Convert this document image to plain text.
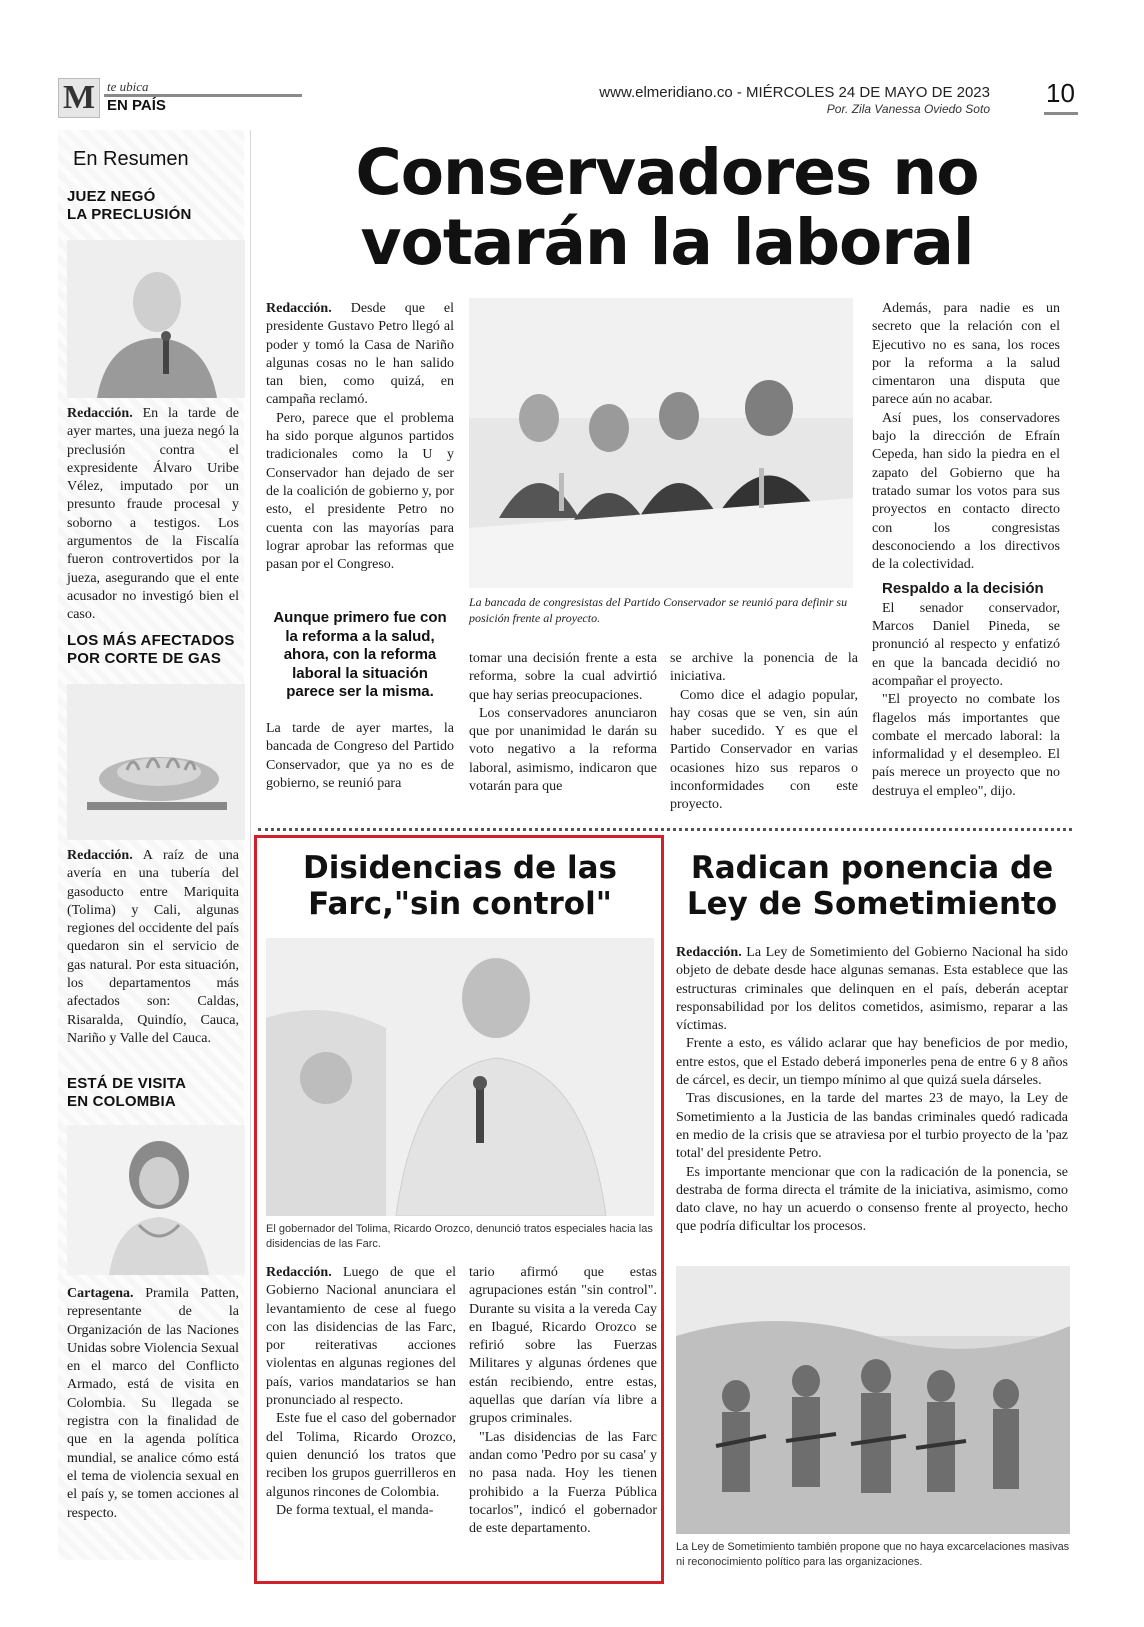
M te ubica
EN PAÍS
www.elmeridiano.co - MIÉRCOLES 24 DE MAYO DE 2023
Por. Zila Vanessa Oviedo Soto
10
En Resumen
JUEZ NEGÓ
LA PRECLUSIÓN

Redacción. En la tarde de ayer martes, una jueza negó la preclusión contra el expresidente Álvaro Uribe Vélez, imputado por un presunto fraude procesal y soborno a testigos. Los argumentos de la Fiscalía fueron controvertidos por la jueza, asegurando que el ente acusador no investigó bien el caso.

LOS MÁS AFECTADOS
POR CORTE DE GAS

Redacción. A raíz de una avería en una tubería del gasoducto entre Mariquita (Tolima) y Cali, algunas regiones del occidente del país quedaron sin el servicio de gas natural. Por esta situación, los departamentos más afectados son: Caldas, Risaralda, Quindío, Cauca, Nariño y Valle del Cauca.

ESTÁ DE VISITA
EN COLOMBIA

Cartagena. Pramila Patten, representante de la Organización de las Naciones Unidas sobre Violencia Sexual en el marco del Conflicto Armado, está de visita en Colombia. Su llegada se registra con la finalidad de que en la agenda política mundial, se analice cómo está el tema de violencia sexual en el país y, se tomen acciones al respecto.

Conservadores no
votarán la laboral

Redacción. Desde que el presidente Gustavo Petro llegó al poder y tomó la Casa de Nariño algunas cosas no le han salido tan bien, como quizá, en campaña reclamó.

Pero, parece que el problema ha sido porque algunos partidos tradicionales como la U y Conservador han dejado de ser de la coalición de gobierno y, por esto, el presidente Petro no cuenta con las mayorías para lograr aprobar las reformas que pasan por el Congreso.

Aunque primero fue con la reforma a la salud, ahora, con la reforma laboral la situación parece ser la misma.

La tarde de ayer martes, la bancada de Congreso del Partido Conservador, que ya no es de gobierno, se reunió para

La bancada de congresistas del Partido Conservador se reunió para definir su posición frente al proyecto.

tomar una decisión frente a esta reforma, sobre la cual advirtió que hay serias preocupaciones.

Los conservadores anunciaron que por unanimidad le darán su voto negativo a la reforma laboral, asimismo, indicaron que votarán para que

se archive la ponencia de la iniciativa.

Como dice el adagio popular, hay cosas que se ven, sin aún haber sucedido. Y es que el Partido Conservador en varias ocasiones hizo sus reparos o inconformidades con este proyecto.

Además, para nadie es un secreto que la relación con el Ejecutivo no es sana, los roces por la reforma a la salud cimentaron una disputa que parece aún no acabar.

Así pues, los conservadores bajo la dirección de Efraín Cepeda, han sido la piedra en el zapato del Gobierno que ha tratado sumar los votos para sus proyectos en contacto directo con los congresistas desconociendo a los directivos de la colectividad.

Respaldo a la decisión

El senador conservador, Marcos Daniel Pineda, se pronunció al respecto y enfatizó en que la bancada decidió no acompañar el proyecto.

"El proyecto no combate los flagelos más importantes que combate el mercado laboral: la informalidad y el desempleo. El país merece un proyecto que no destruya el empleo", dijo.

Disidencias de las
Farc,"sin control"
El gobernador del Tolima, Ricardo Orozco, denunció tratos especiales hacia las disidencias de las Farc.

Redacción. Luego de que el Gobierno Nacional anunciara el levantamiento de cese al fuego con las disidencias de las Farc, por reiterativas acciones violentas en algunas regiones del país, varios mandatarios se han pronunciado al respecto.

Este fue el caso del gobernador del Tolima, Ricardo Orozco, quien denunció los tratos que reciben los grupos guerrilleros en algunos rincones de Colombia.

De forma textual, el manda-

tario afirmó que estas agrupaciones están "sin control". Durante su visita a la vereda Cay en Ibagué, Ricardo Orozco se refirió sobre las Fuerzas Militares y algunas órdenes que están recibiendo, entre estas, aquellas que darían vía libre a grupos criminales.

"Las disidencias de las Farc andan como 'Pedro por su casa' y no pasa nada. Hoy les tienen prohibido a la Fuerza Pública tocarlos", indicó el gobernador de este departamento.

Radican ponencia de
Ley de Sometimiento

Redacción. La Ley de Sometimiento del Gobierno Nacional ha sido objeto de debate desde hace algunas semanas. Esta establece que las estructuras criminales que delinquen en el país, deberán aceptar responsabilidad por los delitos cometidos, asimismo, reparar a las víctimas.

Frente a esto, es válido aclarar que hay beneficios de por medio, entre estos, que el Estado deberá imponerles pena de entre 6 y 8 años de cárcel, es decir, un tiempo mínimo al que quizá suela dárseles.

Tras discusiones, en la tarde del martes 23 de mayo, la Ley de Sometimiento a la Justicia de las bandas criminales quedó radicada en medio de la crisis que se atraviesa por el turbio proyecto de la 'paz total' del presidente Petro.

Es importante mencionar que con la radicación de la ponencia, se destraba de forma directa el trámite de la iniciativa, asimismo, como dato clave, no hay un acuerdo o consenso frente al proyecto, hecho que podría dificultar los procesos.

La Ley de Sometimiento también propone que no haya excarcelaciones masivas ni reconocimiento político para las organizaciones.
